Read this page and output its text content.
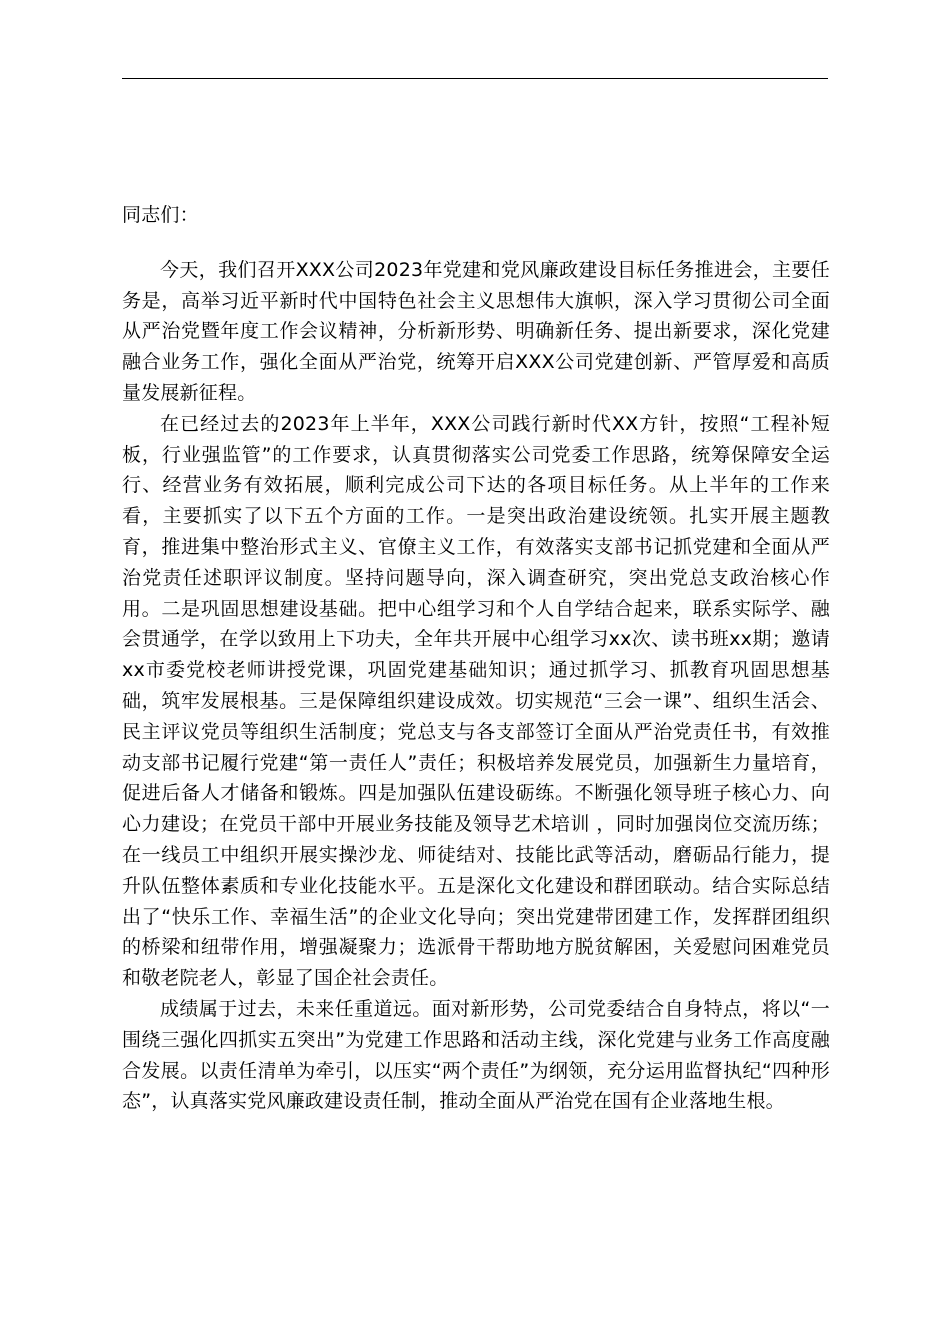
同志们：

今天，我们召开XXX公司2023年党建和党风廉政建设目标任务推进会，主要任务是，高举习近平新时代中国特色社会主义思想伟大旗帜，深入学习贯彻公司全面从严治党暨年度工作会议精神，分析新形势、明确新任务、提出新要求，深化党建融合业务工作，强化全面从严治党，统筹开启XXX公司党建创新、严管厚爱和高质量发展新征程。

在已经过去的2023年上半年，XXX公司践行新时代XX方针，按照“工程补短板，行业强监管”的工作要求，认真贯彻落实公司党委工作思路，统筹保障安全运行、经营业务有效拓展，顺利完成公司下达的各项目标任务。从上半年的工作来看，主要抓实了以下五个方面的工作。一是突出政治建设统领。扎实开展主题教育，推进集中整治形式主义、官僚主义工作，有效落实支部书记抓党建和全面从严治党责任述职评议制度。坚持问题导向，深入调查研究，突出党总支政治核心作用。二是巩固思想建设基础。把中心组学习和个人自学结合起来，联系实际学、融会贯通学，在学以致用上下功夫，全年共开展中心组学习xx次、读书班xx期；邀请xx市委党校老师讲授党课，巩固党建基础知识；通过抓学习、抓教育巩固思想基础，筑牢发展根基。三是保障组织建设成效。切实规范“三会一课”、组织生活会、民主评议党员等组织生活制度；党总支与各支部签订全面从严治党责任书，有效推动支部书记履行党建“第一责任人”责任；积极培养发展党员，加强新生力量培育，促进后备人才储备和锻炼。四是加强队伍建设砺练。不断强化领导班子核心力、向心力建设；在党员干部中开展业务技能及领导艺术培训 ，同时加强岗位交流历练；在一线员工中组织开展实操沙龙、师徒结对、技能比武等活动，磨砺品行能力，提升队伍整体素质和专业化技能水平。五是深化文化建设和群团联动。结合实际总结出了“快乐工作、幸福生活”的企业文化导向；突出党建带团建工作，发挥群团组织的桥梁和纽带作用，增强凝聚力；选派骨干帮助地方脱贫解困，关爱慰问困难党员和敬老院老人，彰显了国企社会责任。

成绩属于过去，未来任重道远。面对新形势，公司党委结合自身特点，将以“一围绕三强化四抓实五突出”为党建工作思路和活动主线，深化党建与业务工作高度融合发展。以责任清单为牵引，以压实“两个责任”为纲领，充分运用监督执纪“四种形态”，认真落实党风廉政建设责任制，推动全面从严治党在国有企业落地生根。
